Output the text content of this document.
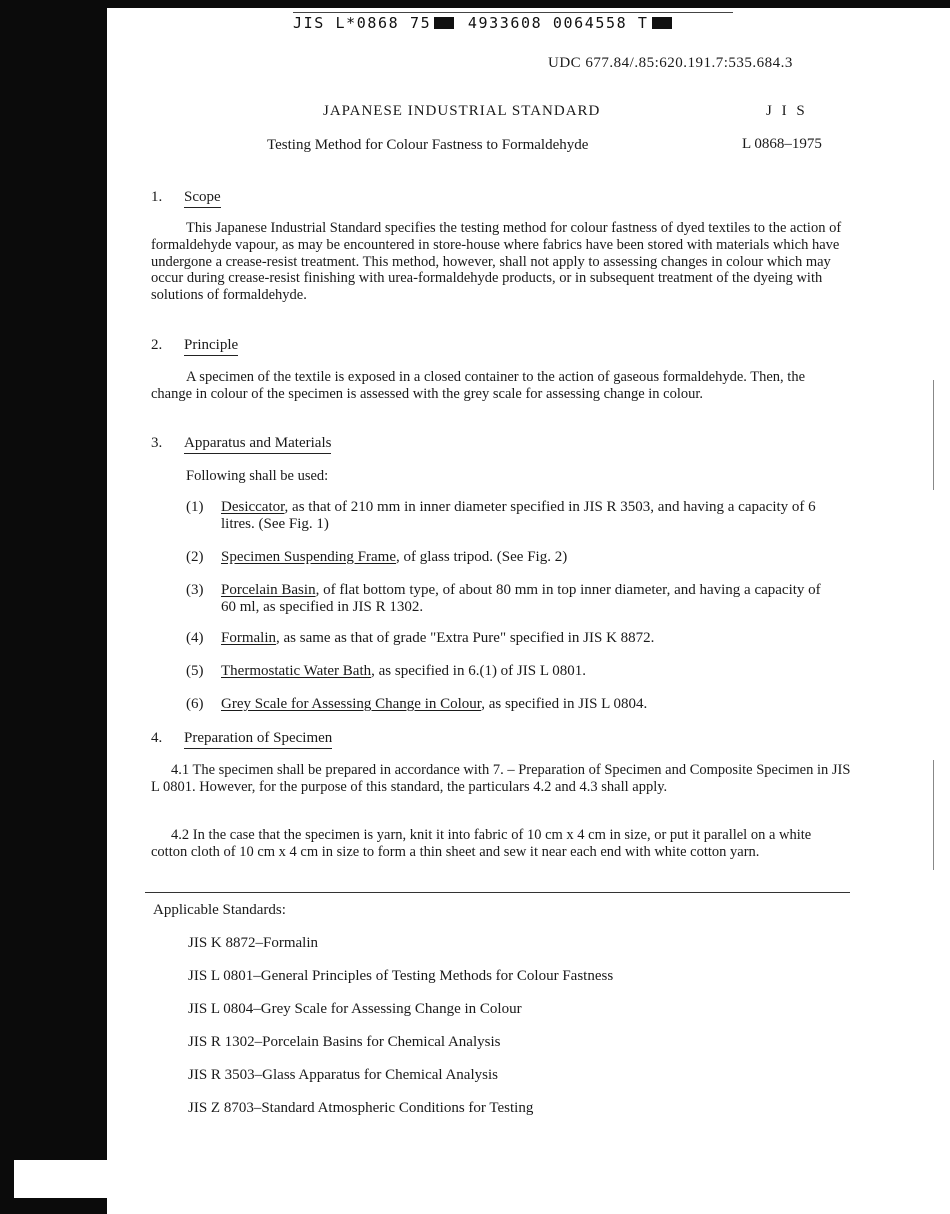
JIS L*0868 75 4933608 0064558 T
UDC 677.84/.85:620.191.7:535.684.3
JAPANESE INDUSTRIAL STANDARD	J I S
Testing Method for Colour Fastness to Formaldehyde	L 0868–1975
1. Scope
This Japanese Industrial Standard specifies the testing method for colour fastness of dyed textiles to the action of formaldehyde vapour, as may be encountered in store-house where fabrics have been stored with materials which have undergone a crease-resist treatment. This method, however, shall not apply to assessing changes in colour which may occur during crease-resist finishing with urea-formaldehyde products, or in subsequent treatment of the dyeing with solutions of formaldehyde.
2. Principle
A specimen of the textile is exposed in a closed container to the action of gaseous formaldehyde. Then, the change in colour of the specimen is assessed with the grey scale for assessing change in colour.
3. Apparatus and Materials
Following shall be used:
(1) Desiccator, as that of 210 mm in inner diameter specified in JIS R 3503, and having a capacity of 6 litres. (See Fig. 1)
(2) Specimen Suspending Frame, of glass tripod. (See Fig. 2)
(3) Porcelain Basin, of flat bottom type, of about 80 mm in top inner diameter, and having a capacity of 60 ml, as specified in JIS R 1302.
(4) Formalin, as same as that of grade "Extra Pure" specified in JIS K 8872.
(5) Thermostatic Water Bath, as specified in 6.(1) of JIS L 0801.
(6) Grey Scale for Assessing Change in Colour, as specified in JIS L 0804.
4. Preparation of Specimen
4.1 The specimen shall be prepared in accordance with 7. – Preparation of Specimen and Composite Specimen in JIS L 0801. However, for the purpose of this standard, the particulars 4.2 and 4.3 shall apply.
4.2 In the case that the specimen is yarn, knit it into fabric of 10 cm x 4 cm in size, or put it parallel on a white cotton cloth of 10 cm x 4 cm in size to form a thin sheet and sew it near each end with white cotton yarn.
Applicable Standards:
JIS K 8872–Formalin
JIS L 0801–General Principles of Testing Methods for Colour Fastness
JIS L 0804–Grey Scale for Assessing Change in Colour
JIS R 1302–Porcelain Basins for Chemical Analysis
JIS R 3503–Glass Apparatus for Chemical Analysis
JIS Z 8703–Standard Atmospheric Conditions for Testing
